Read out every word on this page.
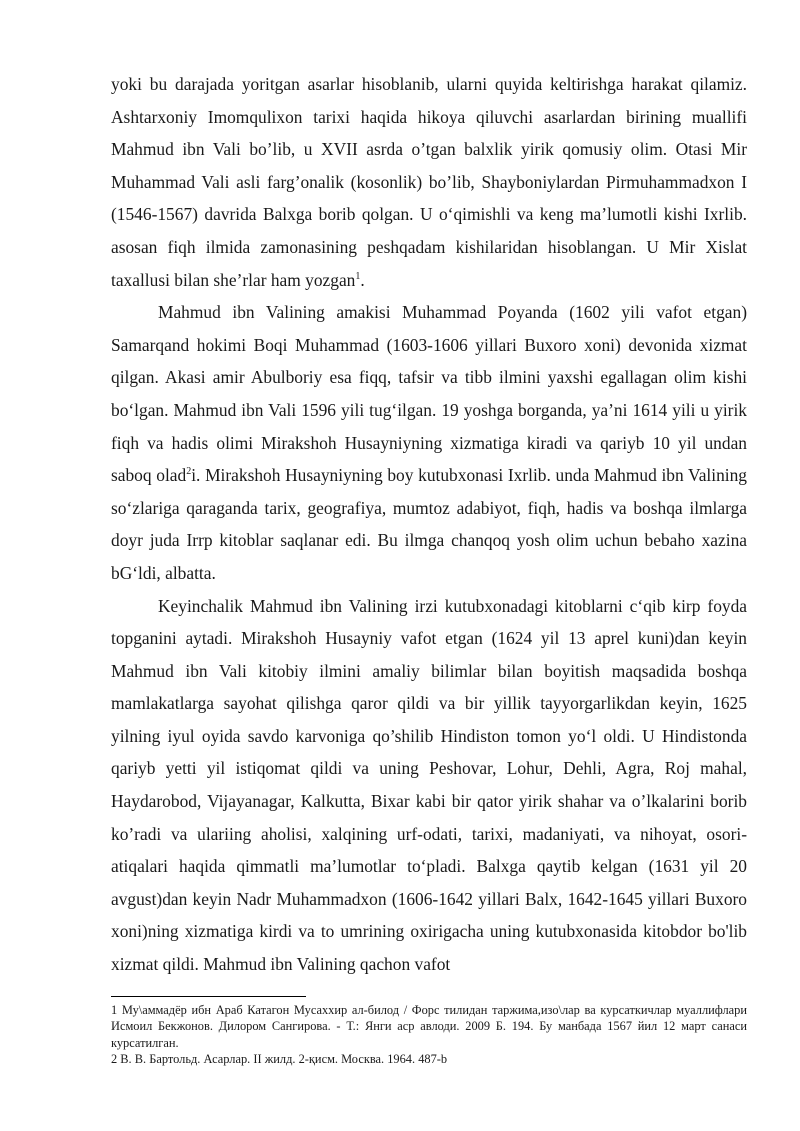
yoki bu darajada yoritgan asarlar hisoblanib, ularni quyida keltirishga harakat qilamiz. Ashtarxoniy Imomqulixon tarixi haqida hikoya qiluvchi asarlardan birining muallifi Mahmud ibn Vali bo’lib, u XVII asrda o’tgan balxlik yirik qomusiy olim. Otasi Mir Muhammad Vali asli farg’onalik (kosonlik) bo’lib, Shayboniylardan Pirmuhammadxon I (1546-1567) davrida Balxga borib qolgan. U o‘qimishli va keng ma’lumotli kishi Ixrlib. asosan fiqh ilmida zamonasining peshqadam kishilaridan hisoblangan. U Mir Xislat taxallusi bilan she’rlar ham yozgan$^1$.

Mahmud ibn Valining amakisi Muhammad Poyanda (1602 yili vafot etgan) Samarqand hokimi Boqi Muhammad (1603-1606 yillari Buxoro xoni) devonida xizmat qilgan. Akasi amir Abulboriy esa fiqq, tafsir va tibb ilmini yaxshi egallagan olim kishi bo‘lgan. Mahmud ibn Vali 1596 yili tug‘ilgan. 19 yoshga borganda, ya’ni 1614 yili u yirik fiqh va hadis olimi Mirakshoh Husayniyning xizmatiga kiradi va qariyb 10 yil undan saboq olad$^2$i. Mirakshoh Husayniyning boy kutubxonasi Ixrlib. unda Mahmud ibn Valining so‘zlariga qaraganda tarix, geografiya, mumtoz adabiyot, fiqh, hadis va boshqa ilmlarga doyr juda Irrp kitoblar saqlanar edi. Bu ilmga chanqoq yosh olim uchun bebaho xazina bG‘ldi, albatta.

Keyinchalik Mahmud ibn Valining irzi kutubxonadagi kitoblarni c‘qib kirp foyda topganini aytadi. Mirakshoh Husayniy vafot etgan (1624 yil 13 aprel kuni)dan keyin Mahmud ibn Vali kitobiy ilmini amaliy bilimlar bilan boyitish maqsadida boshqa mamlakatlarga sayohat qilishga qaror qildi va bir yillik tayyorgarlikdan keyin, 1625 yilning iyul oyida savdo karvoniga qo’shilib Hindiston tomon yo‘l oldi. U Hindistonda qariyb yetti yil istiqomat qildi va uning Peshovar, Lohur, Dehli, Agra, Roj mahal, Haydarobod, Vijayanagar, Kalkutta, Bixar kabi bir qator yirik shahar va o’lkalarini borib ko’radi va ulariing aholisi, xalqining urf-odati, tarixi, madaniyati, va nihoyat, osori-atiqalari haqida qimmatli ma’lumotlar to‘pladi. Balxga qaytib kelgan (1631 yil 20 avgust)dan keyin Nadr Muhammadxon (1606-1642 yillari Balx, 1642-1645 yillari Buxoro xoni)ning xizmatiga kirdi va to umrining oxirigacha uning kutubxonasida kitobdor bo'lib xizmat qildi. Mahmud ibn Valining qachon vafot

1 Му\аммадёр ибн Араб Катагон Мусаххир ал-билод / Форс тилидан таржима,изо\лар ва курсаткичлар муаллифлари Исмоил Бекжонов. Дилором Сангирова. - Т.: Янги аср авлоди. 2009 Б. 194. Бу манбада 1567 йил 12 март санаси курсатилган.

2 В. В. Бартольд. Асарлар. II жилд. 2-қисм. Москва. 1964. 487-b
